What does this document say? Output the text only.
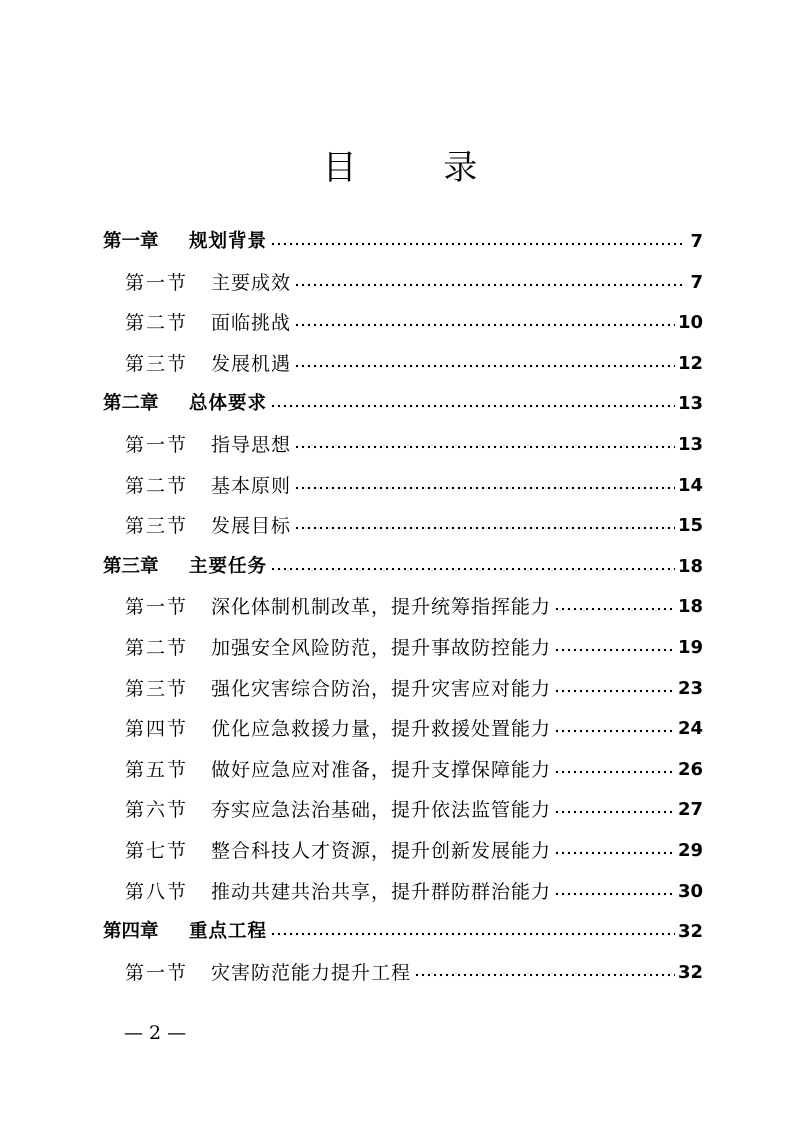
目 录
第一章	规划背景	7
第一节	主要成效	7
第二节	面临挑战	10
第三节	发展机遇	12
第二章	总体要求	13
第一节	指导思想	13
第二节	基本原则	14
第三节	发展目标	15
第三章	主要任务	18
第一节	深化体制机制改革，提升统筹指挥能力	18
第二节	加强安全风险防范，提升事故防控能力	19
第三节	强化灾害综合防治，提升灾害应对能力	23
第四节	优化应急救援力量，提升救援处置能力	24
第五节	做好应急应对准备，提升支撑保障能力	26
第六节	夯实应急法治基础，提升依法监管能力	27
第七节	整合科技人才资源，提升创新发展能力	29
第八节	推动共建共治共享，提升群防群治能力	30
第四章	重点工程	32
第一节	灾害防范能力提升工程	32
— 2 —
